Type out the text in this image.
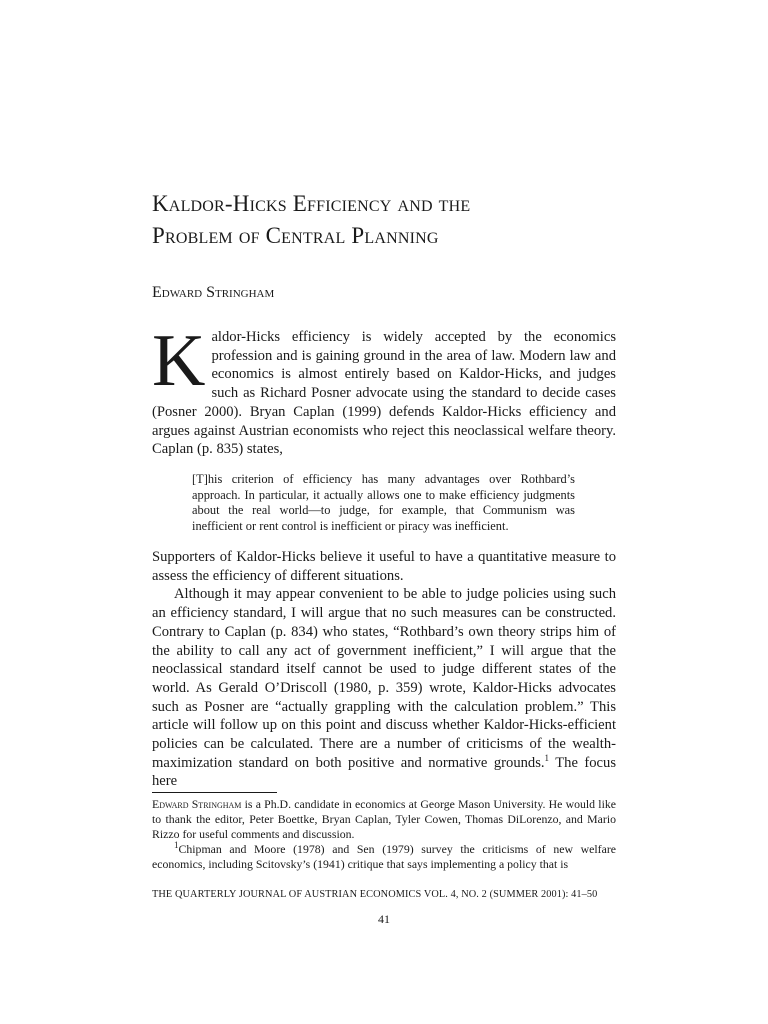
Kaldor-Hicks Efficiency and the
Problem of Central Planning
Edward Stringham

Kaldor-Hicks efficiency is widely accepted by the economics profession and is gaining ground in the area of law. Modern law and economics is almost entirely based on Kaldor-Hicks, and judges such as Richard Posner advocate using the standard to decide cases (Posner 2000). Bryan Caplan (1999) defends Kaldor-Hicks efficiency and argues against Austrian economists who reject this neoclassical welfare theory. Caplan (p. 835) states,

[T]his criterion of efficiency has many advantages over Rothbard’s approach. In particular, it actually allows one to make efficiency judgments about the real world—to judge, for example, that Communism was inefficient or rent control is inefficient or piracy was inefficient.

Supporters of Kaldor-Hicks believe it useful to have a quantitative measure to assess the efficiency of different situations.
Although it may appear convenient to be able to judge policies using such an efficiency standard, I will argue that no such measures can be constructed. Contrary to Caplan (p. 834) who states, “Rothbard’s own theory strips him of the ability to call any act of government inefficient,” I will argue that the neoclassical standard itself cannot be used to judge different states of the world. As Gerald O’Driscoll (1980, p. 359) wrote, Kaldor-Hicks advocates such as Posner are “actually grappling with the calculation problem.” This article will follow up on this point and discuss whether Kaldor-Hicks-efficient policies can be calculated. There are a number of criticisms of the wealth-maximization standard on both positive and normative grounds.$^1$ The focus here

Edward Stringham is a Ph.D. candidate in economics at George Mason University. He would like to thank the editor, Peter Boettke, Bryan Caplan, Tyler Cowen, Thomas DiLorenzo, and Mario Rizzo for useful comments and discussion.

$^1$Chipman and Moore (1978) and Sen (1979) survey the criticisms of new welfare economics, including Scitovsky’s (1941) critique that says implementing a policy that is

THE QUARTERLY JOURNAL OF AUSTRIAN ECONOMICS VOL. 4, NO. 2 (SUMMER 2001): 41–50

41
